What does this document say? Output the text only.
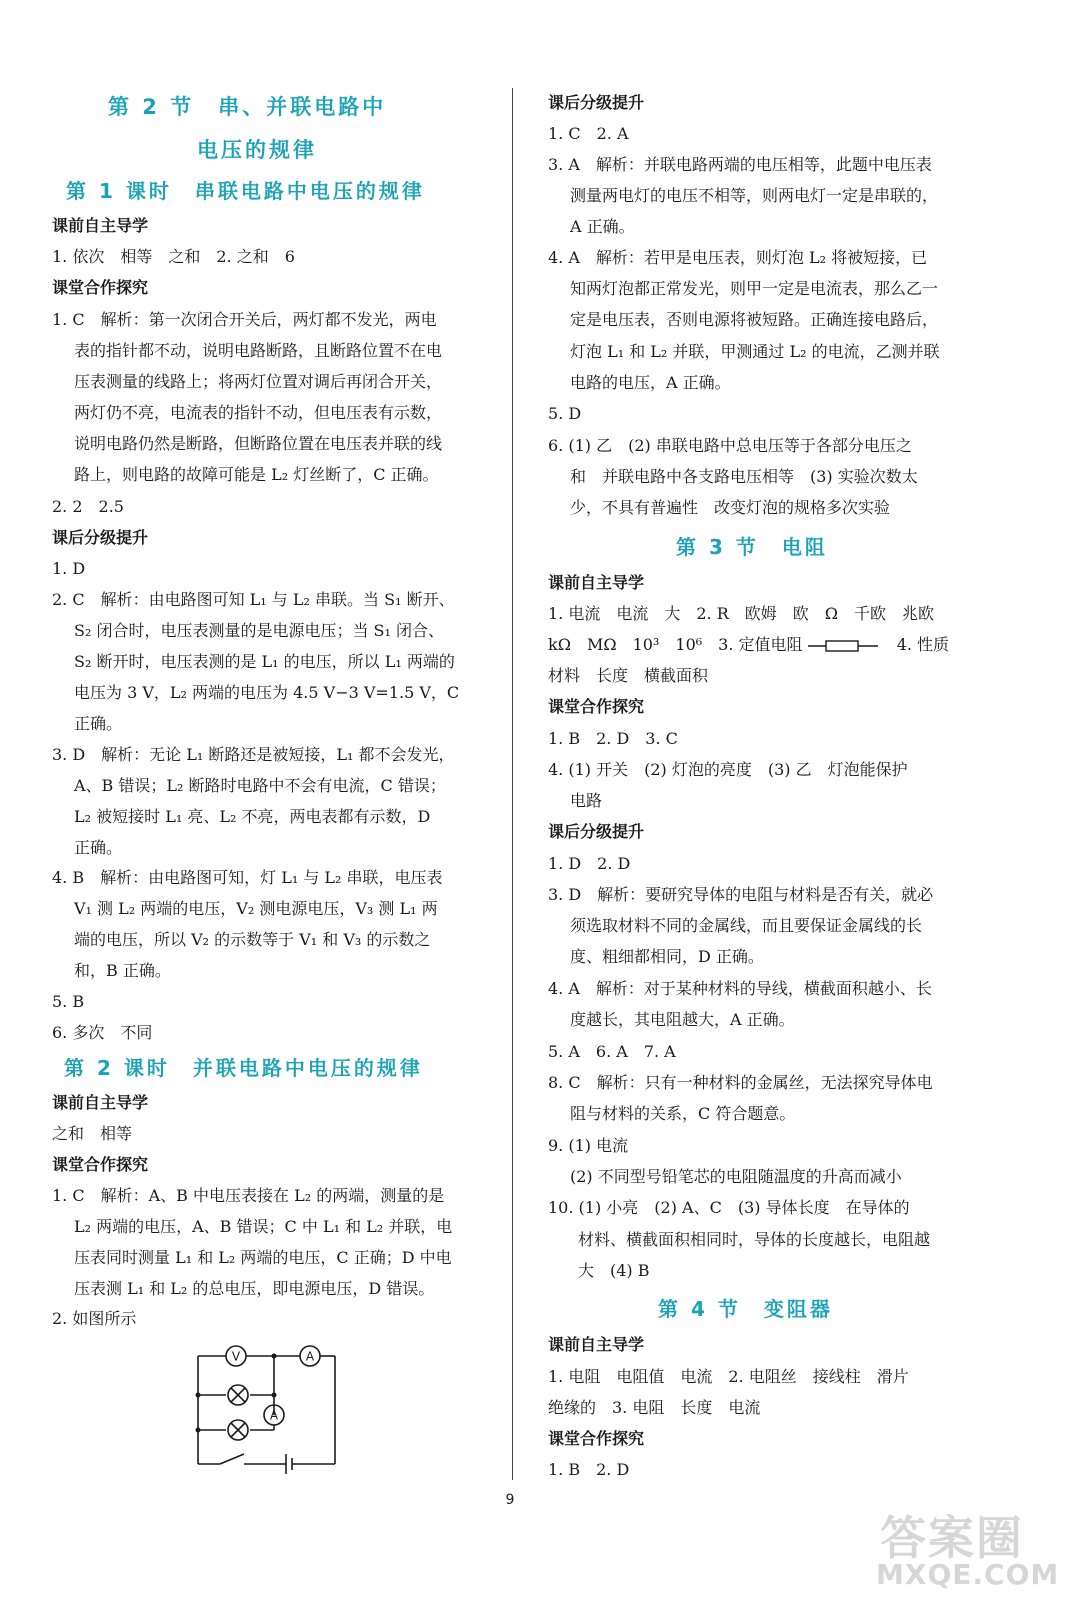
第 2 节　串、并联电路中
电压的规律
第 1 课时　串联电路中电压的规律
课前自主导学
1. 依次　相等　之和　2. 之和　6
课堂合作探究
1. C　解析：第一次闭合开关后，两灯都不发光，两电
表的指针都不动，说明电路断路，且断路位置不在电
压表测量的线路上；将两灯位置对调后再闭合开关，
两灯仍不亮，电流表的指针不动，但电压表有示数，
说明电路仍然是断路，但断路位置在电压表并联的线
路上，则电路的故障可能是 L₂ 灯丝断了，C 正确。
2. 2　2.5
课后分级提升
1. D
2. C　解析：由电路图可知 L₁ 与 L₂ 串联。当 S₁ 断开、
S₂ 闭合时，电压表测量的是电源电压；当 S₁ 闭合、
S₂ 断开时，电压表测的是 L₁ 的电压，所以 L₁ 两端的
电压为 3 V，L₂ 两端的电压为 4.5 V−3 V=1.5 V，C
正确。
3. D　解析：无论 L₁ 断路还是被短接，L₁ 都不会发光，
A、B 错误；L₂ 断路时电路中不会有电流，C 错误；
L₂ 被短接时 L₁ 亮、L₂ 不亮，两电表都有示数，D
正确。
4. B　解析：由电路图可知，灯 L₁ 与 L₂ 串联，电压表
V₁ 测 L₂ 两端的电压，V₂ 测电源电压，V₃ 测 L₁ 两
端的电压，所以 V₂ 的示数等于 V₁ 和 V₃ 的示数之
和，B 正确。
5. B
6. 多次　不同
第 2 课时　并联电路中电压的规律
课前自主导学
之和　相等
课堂合作探究
1. C　解析：A、B 中电压表接在 L₂ 的两端，测量的是
L₂ 两端的电压，A、B 错误；C 中 L₁ 和 L₂ 并联，电
压表同时测量 L₁ 和 L₂ 两端的电压，C 正确；D 中电
压表测 L₁ 和 L₂ 的总电压，即电源电压，D 错误。
2. 如图所示
V	A
A
课后分级提升
1. C　2. A
3. A　解析：并联电路两端的电压相等，此题中电压表
测量两电灯的电压不相等，则两电灯一定是串联的，
A 正确。
4. A　解析：若甲是电压表，则灯泡 L₂ 将被短接，已
知两灯泡都正常发光，则甲一定是电流表，那么乙一
定是电压表，否则电源将被短路。正确连接电路后，
灯泡 L₁ 和 L₂ 并联，甲测通过 L₂ 的电流，乙测并联
电路的电压，A 正确。
5. D
6. (1) 乙　(2) 串联电路中总电压等于各部分电压之
和　并联电路中各支路电压相等　(3) 实验次数太
少，不具有普遍性　改变灯泡的规格多次实验
第 3 节　电阻
课前自主导学
1. 电流　电流　大　2. R　欧姆　欧　Ω　千欧　兆欧
kΩ　MΩ　10³　10⁶　3. 定值电阻	4. 性质
材料　长度　横截面积
课堂合作探究
1. B　2. D　3. C
4. (1) 开关　(2) 灯泡的亮度　(3) 乙　灯泡能保护
电路
课后分级提升
1. D　2. D
3. D　解析：要研究导体的电阻与材料是否有关，就必
须选取材料不同的金属线，而且要保证金属线的长
度、粗细都相同，D 正确。
4. A　解析：对于某种材料的导线，横截面积越小、长
度越长，其电阻越大，A 正确。
5. A　6. A　7. A
8. C　解析：只有一种材料的金属丝，无法探究导体电
阻与材料的关系，C 符合题意。
9. (1) 电流
(2) 不同型号铅笔芯的电阻随温度的升高而减小
10. (1) 小亮　(2) A、C　(3) 导体长度　在导体的
材料、横截面积相同时，导体的长度越长，电阻越
大　(4) B
第 4 节　变阻器
课前自主导学
1. 电阻　电阻值　电流　2. 电阻丝　接线柱　滑片
绝缘的　3. 电阻　长度　电流
课堂合作探究
1. B　2. D
9
答案圈
MXQE.COM
